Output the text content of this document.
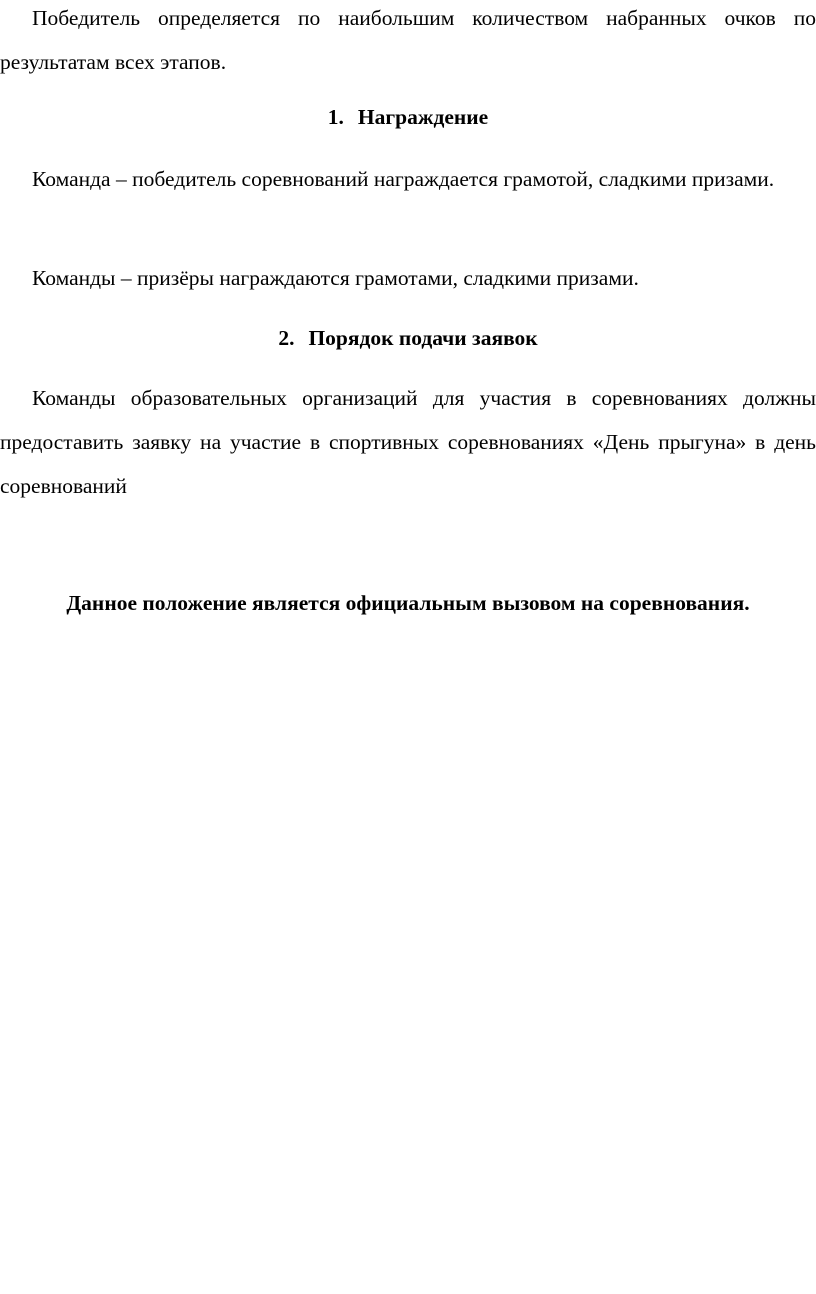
Победитель определяется по наибольшим количеством набранных очков по результатам всех этапов.

1. Награждение

Команда – победитель соревнований награждается грамотой, сладкими призами.

Команды – призёры награждаются грамотами, сладкими призами.

2. Порядок подачи заявок

Команды образовательных организаций для участия в соревнованиях должны предоставить заявку на участие в спортивных соревнованиях «День прыгуна» в день соревнований

Данное положение является официальным вызовом на соревнования.
